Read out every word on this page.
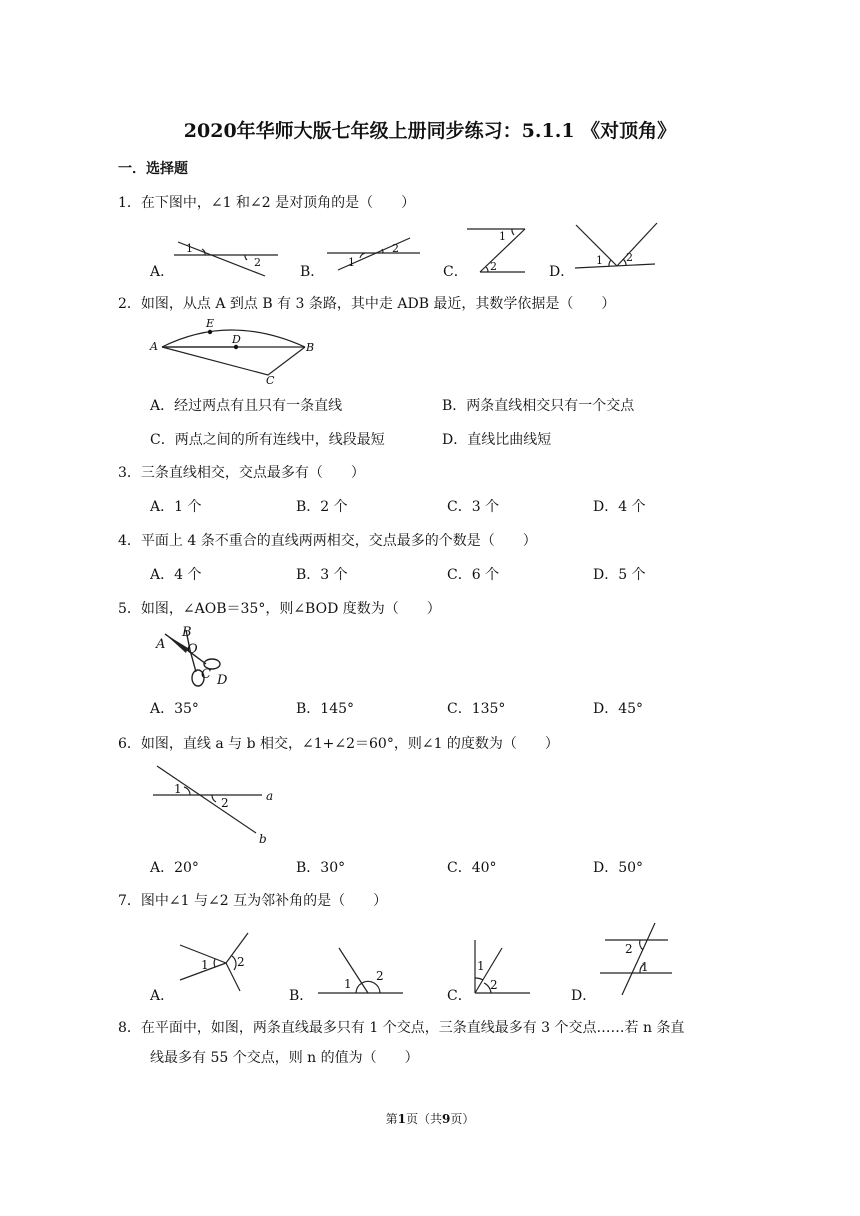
2020年华师大版七年级上册同步练习：5.1.1 《对顶角》
一．选择题
1．在下图中，∠1 和∠2 是对顶角的是（　　）
1
2	1
2
1
2	1 2
A．	B．	C．	D．
2．如图，从点 A 到点 B 有 3 条路，其中走 ADB 最近，其数学依据是（　　）
A
E
D
B
C
A．经过两点有且只有一条直线	B．两条直线相交只有一个交点
C．两点之间的所有连线中，线段最短	D．直线比曲线短
3．三条直线相交，交点最多有（　　）
A．1 个	B．2 个	C．3 个	D．4 个
4．平面上 4 条不重合的直线两两相交，交点最多的个数是（　　）
A．4 个	B．3 个	C．6 个	D．5 个
5．如图，∠AOB＝35°，则∠BOD 度数为（　　）
A
B
O
C D
A．35°	B．145°	C．135°	D．45°
6．如图，直线 a 与 b 相交，∠1+∠2＝60°，则∠1 的度数为（　　）
1
2	a
b
A．20°	B．30°	C．40°	D．50°
7．图中∠1 与∠2 互为邻补角的是（　　）
1 2
1
2
1
2
2
1
A．	B．	C．	D．
8．在平面中，如图，两条直线最多只有 1 个交点，三条直线最多有 3 个交点……若 n 条直
线最多有 55 个交点，则 n 的值为（　　）
第1页（共9页）
